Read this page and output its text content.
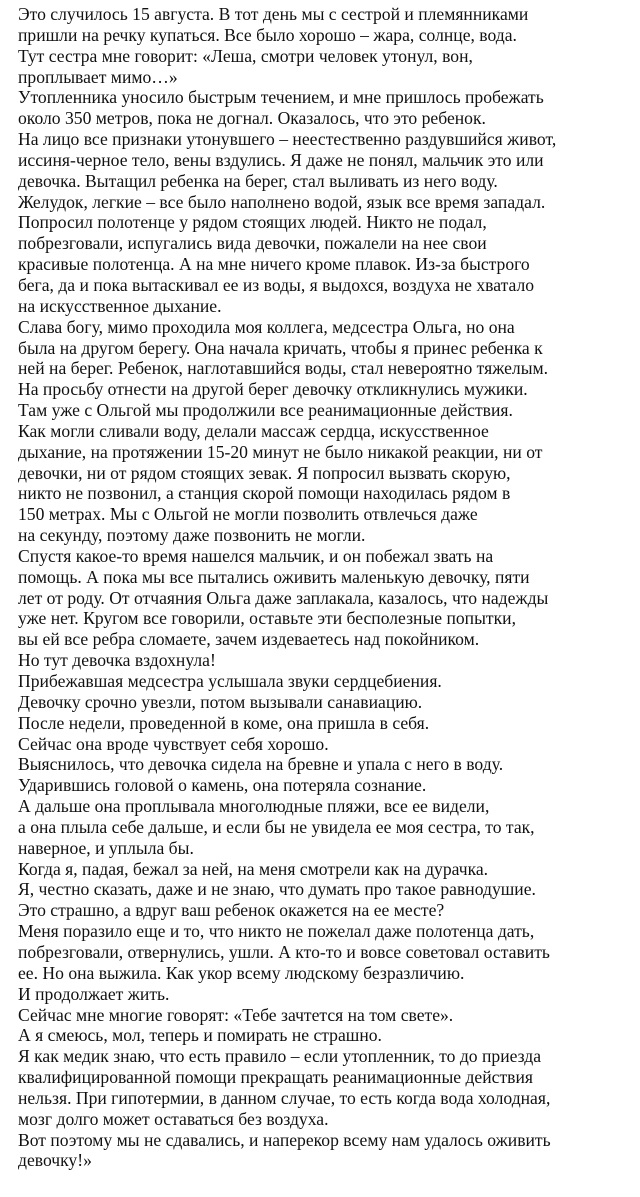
Это случилось 15 августа. В тот день мы с сестрой и племянниками
пришли на речку купаться. Все было хорошо – жара, солнце, вода.
Тут сестра мне говорит: «Леша, смотри человек утонул, вон,
проплывает мимо…»
Утопленника уносило быстрым течением, и мне пришлось пробежать
около 350 метров, пока не догнал. Оказалось, что это ребенок.
На лицо все признаки утонувшего – неестественно раздувшийся живот,
иссиня-черное тело, вены вздулись. Я даже не понял, мальчик это или
девочка. Вытащил ребенка на берег, стал выливать из него воду.
Желудок, легкие – все было наполнено водой, язык все время западал.
Попросил полотенце у рядом стоящих людей. Никто не подал,
побрезговали, испугались вида девочки, пожалели на нее свои
красивые полотенца. А на мне ничего кроме плавок. Из-за быстрого
бега, да и пока вытаскивал ее из воды, я выдохся, воздуха не хватало
на искусственное дыхание.
Слава богу, мимо проходила моя коллега, медсестра Ольга, но она
была на другом берегу. Она начала кричать, чтобы я принес ребенка к
ней на берег. Ребенок, наглотавшийся воды, стал невероятно тяжелым.
На просьбу отнести на другой берег девочку откликнулись мужики.
Там уже с Ольгой мы продолжили все реанимационные действия.
Как могли сливали воду, делали массаж сердца, искусственное
дыхание, на протяжении 15-20 минут не было никакой реакции, ни от
девочки, ни от рядом стоящих зевак. Я попросил вызвать скорую,
никто не позвонил, а станция скорой помощи находилась рядом в
150 метрах. Мы с Ольгой не могли позволить отвлечься даже
на секунду, поэтому даже позвонить не могли.
Спустя какое-то время нашелся мальчик, и он побежал звать на
помощь. А пока мы все пытались оживить маленькую девочку, пяти
лет от роду. От отчаяния Ольга даже заплакала, казалось, что надежды
уже нет. Кругом все говорили, оставьте эти бесполезные попытки,
вы ей все ребра сломаете, зачем издеваетесь над покойником.
Но тут девочка вздохнула!
Прибежавшая медсестра услышала звуки сердцебиения.
Девочку срочно увезли, потом вызывали санавиацию.
После недели, проведенной в коме, она пришла в себя.
Сейчас она вроде чувствует себя хорошо.
Выяснилось, что девочка сидела на бревне и упала с него в воду.
Ударившись головой о камень, она потеряла сознание.
А дальше она проплывала многолюдные пляжи, все ее видели,
а она плыла себе дальше, и если бы не увидела ее моя сестра, то так,
наверное, и уплыла бы.
Когда я, падая, бежал за ней, на меня смотрели как на дурачка.
Я, честно сказать, даже и не знаю, что думать про такое равнодушие.
Это страшно, а вдруг ваш ребенок окажется на ее месте?
Меня поразило еще и то, что никто не пожелал даже полотенца дать,
побрезговали, отвернулись, ушли. А кто-то и вовсе советовал оставить
ее. Но она выжила. Как укор всему людскому безразличию.
И продолжает жить.
Сейчас мне многие говорят: «Тебе зачтется на том свете».
А я смеюсь, мол, теперь и помирать не страшно.
Я как медик знаю, что есть правило – если утопленник, то до приезда
квалифицированной помощи прекращать реанимационные действия
нельзя. При гипотермии, в данном случае, то есть когда вода холодная,
мозг долго может оставаться без воздуха.
Вот поэтому мы не сдавались, и наперекор всему нам удалось оживить
девочку!»
